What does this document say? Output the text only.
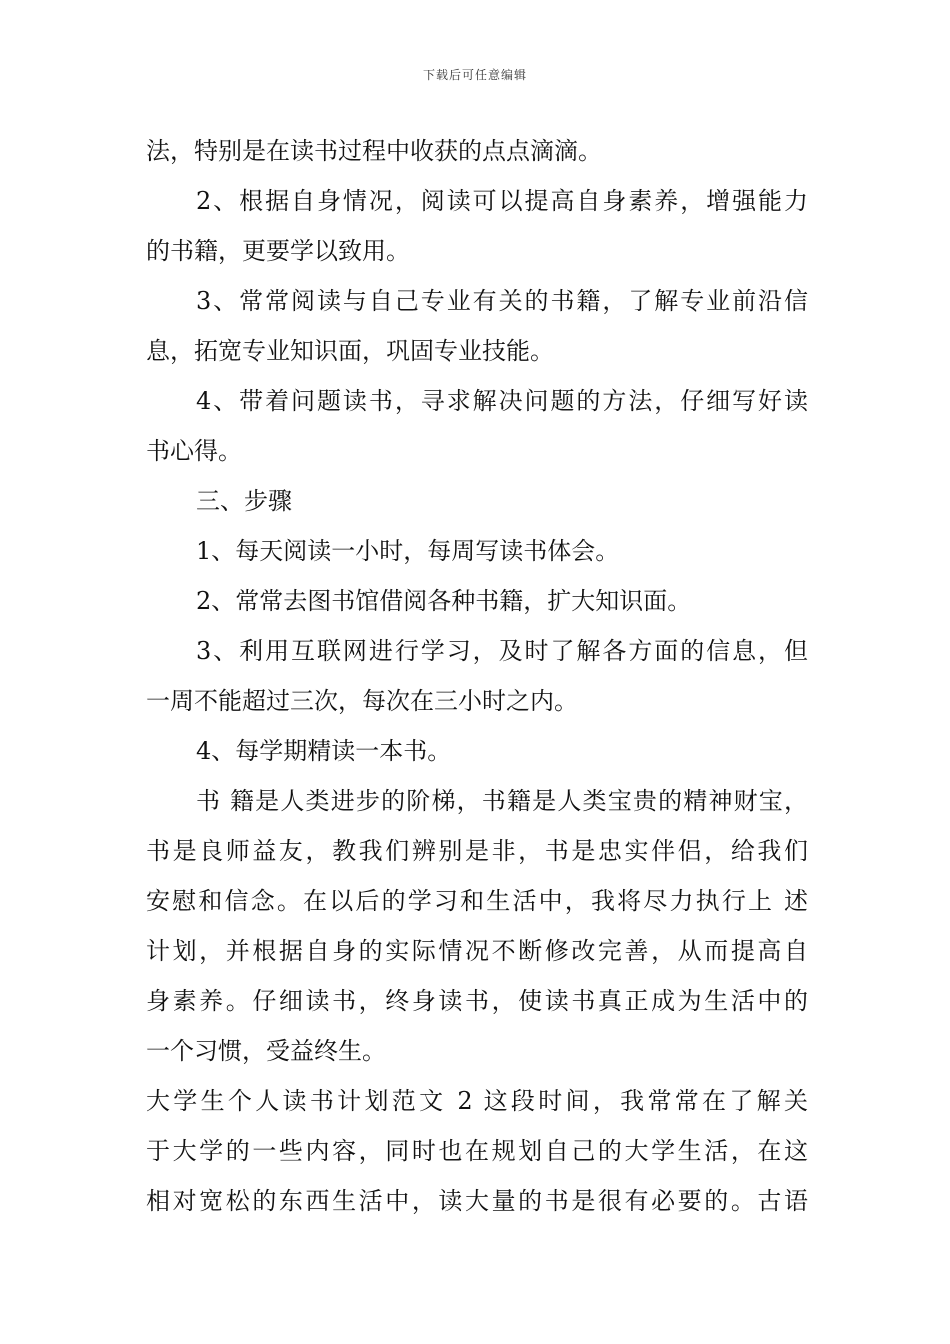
下载后可任意编辑
法，特别是在读书过程中收获的点点滴滴。
2、根据自身情况，阅读可以提高自身素养，增强能力
的书籍，更要学以致用。
3、常常阅读与自己专业有关的书籍，了解专业前沿信
息，拓宽专业知识面，巩固专业技能。
4、带着问题读书，寻求解决问题的方法，仔细写好读
书心得。
三、步骤
1、每天阅读一小时，每周写读书体会。
2、常常去图书馆借阅各种书籍，扩大知识面。
3、利用互联网进行学习，及时了解各方面的信息，但
一周不能超过三次，每次在三小时之内。
4、每学期精读一本书。
书 籍是人类进步的阶梯，书籍是人类宝贵的精神财宝，
书是良师益友，教我们辨别是非，书是忠实伴侣，给我们
安慰和信念。在以后的学习和生活中，我将尽力执行上 述
计划，并根据自身的实际情况不断修改完善，从而提高自
身素养。仔细读书，终身读书，使读书真正成为生活中的
一个习惯，受益终生。
大学生个人读书计划范文 2 这段时间，我常常在了解关
于大学的一些内容，同时也在规划自己的大学生活，在这
相对宽松的东西生活中，读大量的书是很有必要的。古语
